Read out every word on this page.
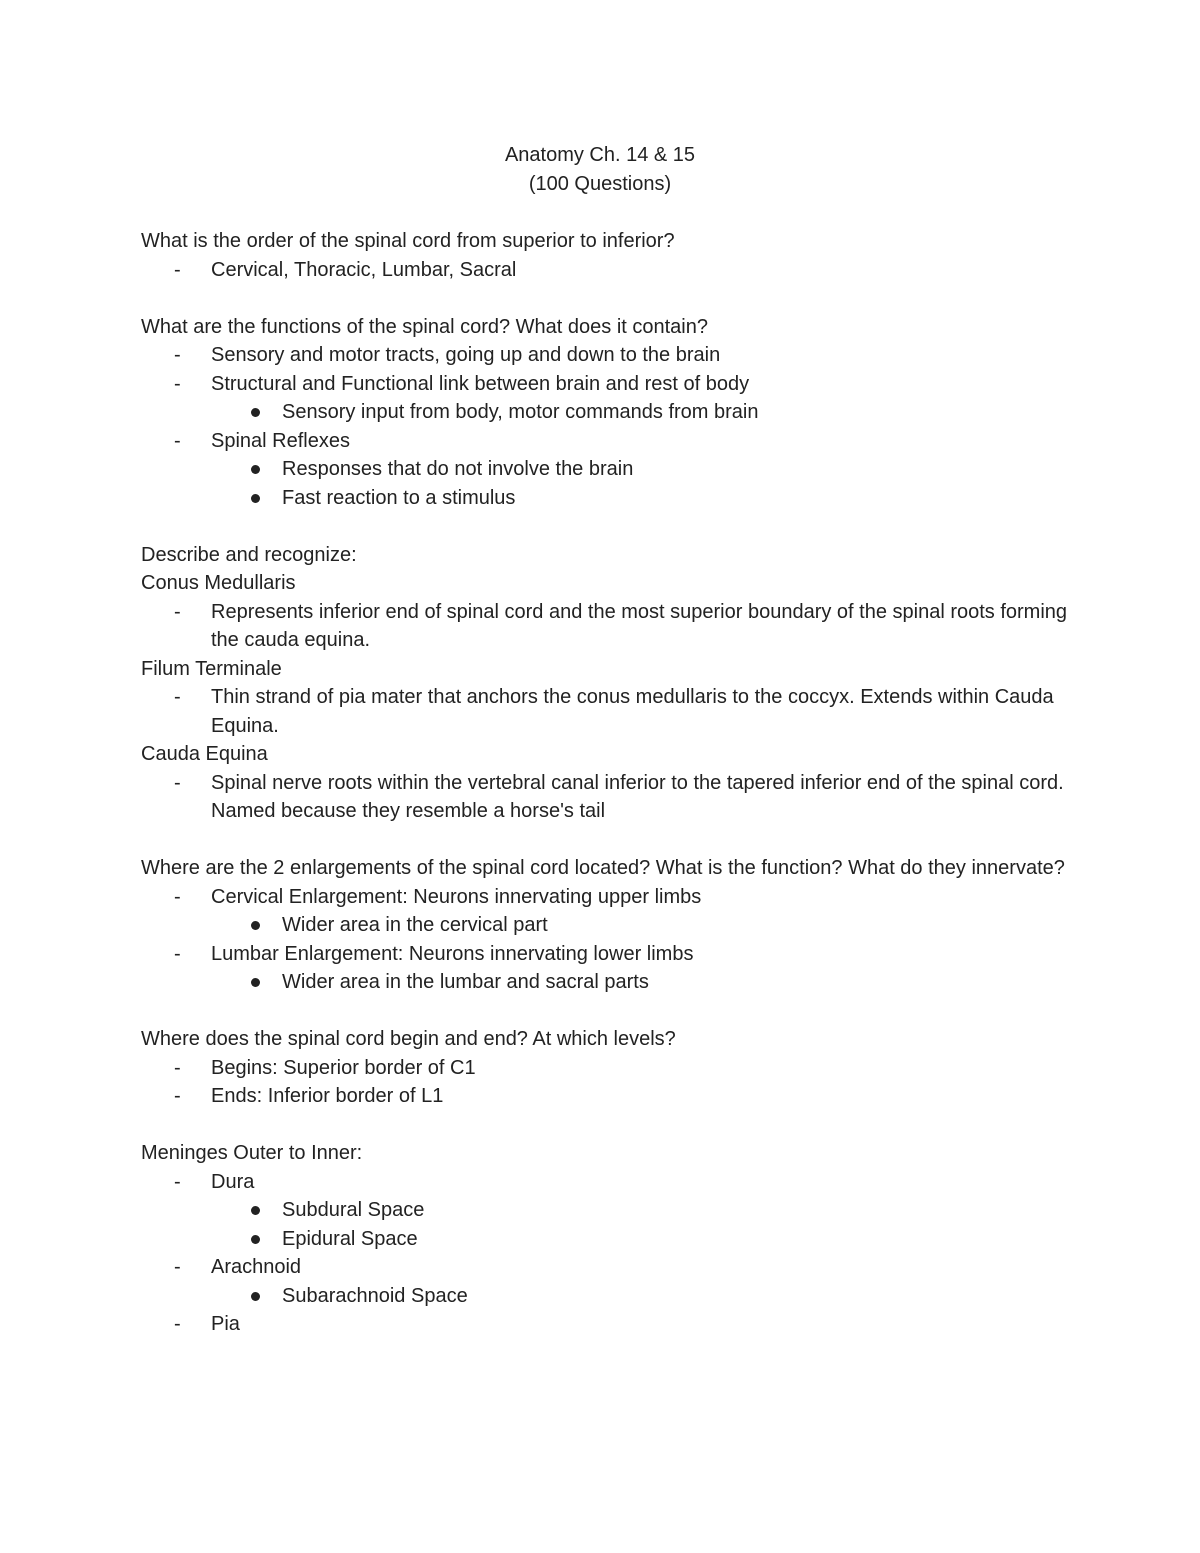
Anatomy Ch. 14 & 15
(100 Questions)
What is the order of the spinal cord from superior to inferior?
- Cervical, Thoracic, Lumbar, Sacral
What are the functions of the spinal cord? What does it contain?
- Sensory and motor tracts, going up and down to the brain
- Structural and Functional link between brain and rest of body
Sensory input from body, motor commands from brain
- Spinal Reflexes
Responses that do not involve the brain
Fast reaction to a stimulus
Describe and recognize:
Conus Medullaris
- Represents inferior end of spinal cord and the most superior boundary of the spinal roots forming the cauda equina.
Filum Terminale
- Thin strand of pia mater that anchors the conus medullaris to the coccyx. Extends within Cauda Equina.
Cauda Equina
- Spinal nerve roots within the vertebral canal inferior to the tapered inferior end of the spinal cord. Named because they resemble a horse's tail
Where are the 2 enlargements of the spinal cord located? What is the function? What do they innervate?
- Cervical Enlargement: Neurons innervating upper limbs
Wider area in the cervical part
- Lumbar Enlargement: Neurons innervating lower limbs
Wider area in the lumbar and sacral parts
Where does the spinal cord begin and end? At which levels?
- Begins: Superior border of C1
- Ends: Inferior border of L1
Meninges Outer to Inner:
- Dura
Subdural Space
Epidural Space
- Arachnoid
Subarachnoid Space
- Pia
